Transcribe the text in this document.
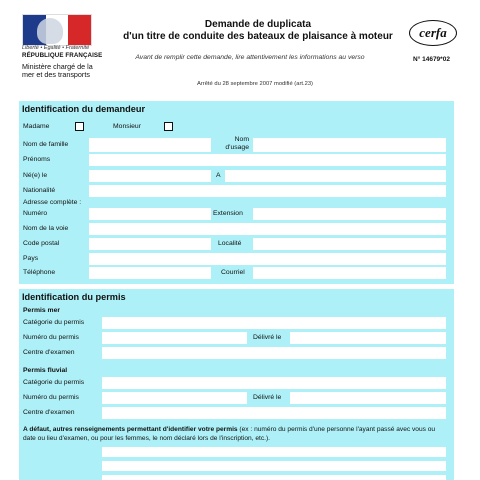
Liberté • Égalité • Fraternité
RÉPUBLIQUE FRANÇAISE
Ministère chargé de la mer et des transports
Demande de duplicata
d'un titre de conduite des bateaux de plaisance à moteur
Avant de remplir cette demande, lire attentivement les informations au verso
Arrêté du 28 septembre 2007 modifié (art.23)
cerfa
N° 14679*02
Identification du demandeur
Madame	Monsieur
Nom de famille
Nom d'usage
Prénoms
Né(e) le	A
Nationalité
Adresse complète :
Numéro	Extension
Nom de la voie
Code postal	Localité
Pays
Téléphone	Courriel
Identification du permis
Permis mer
Catégorie du permis
Numéro du permis	Délivré le
Centre d'examen
Permis fluvial
Catégorie du permis
Numéro du permis	Délivré le
Centre d'examen
A défaut, autres renseignements permettant d'identifier votre permis (ex : numéro du permis d'une personne l'ayant passé avec vous ou date ou lieu d'examen, ou pour les femmes, le nom déclaré lors de l'inscription, etc.).
